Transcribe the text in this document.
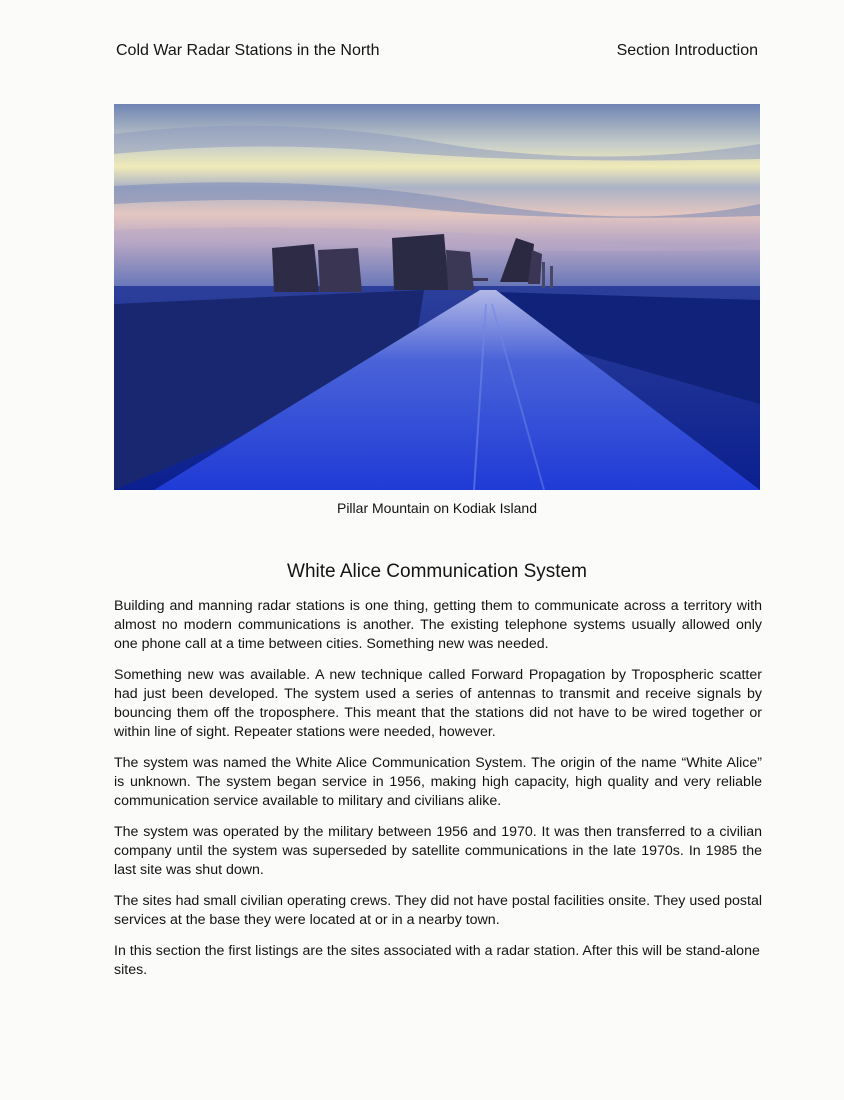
Cold War Radar Stations in the North	Section Introduction
Pillar Mountain on Kodiak Island
White Alice Communication System

Building and manning radar stations is one thing, getting them to communicate across a territory with almost no modern communications is another. The existing telephone systems usually allowed only one phone call at a time between cities. Something new was needed.

Something new was available. A new technique called Forward Propagation by Tropospheric scatter had just been developed. The system used a series of antennas to transmit and receive signals by bouncing them off the troposphere. This meant that the stations did not have to be wired together or within line of sight. Repeater stations were needed, however.

The system was named the White Alice Communication System. The origin of the name “White Alice” is unknown. The system began service in 1956, making high capacity, high quality and very reliable communication service available to military and civilians alike.

The system was operated by the military between 1956 and 1970. It was then transferred to a civilian company until the system was superseded by satellite communications in the late 1970s. In 1985 the last site was shut down.

The sites had small civilian operating crews. They did not have postal facilities onsite. They used postal services at the base they were located at or in a nearby town.

In this section the first listings are the sites associated with a radar station. After this will be stand-alone sites.
